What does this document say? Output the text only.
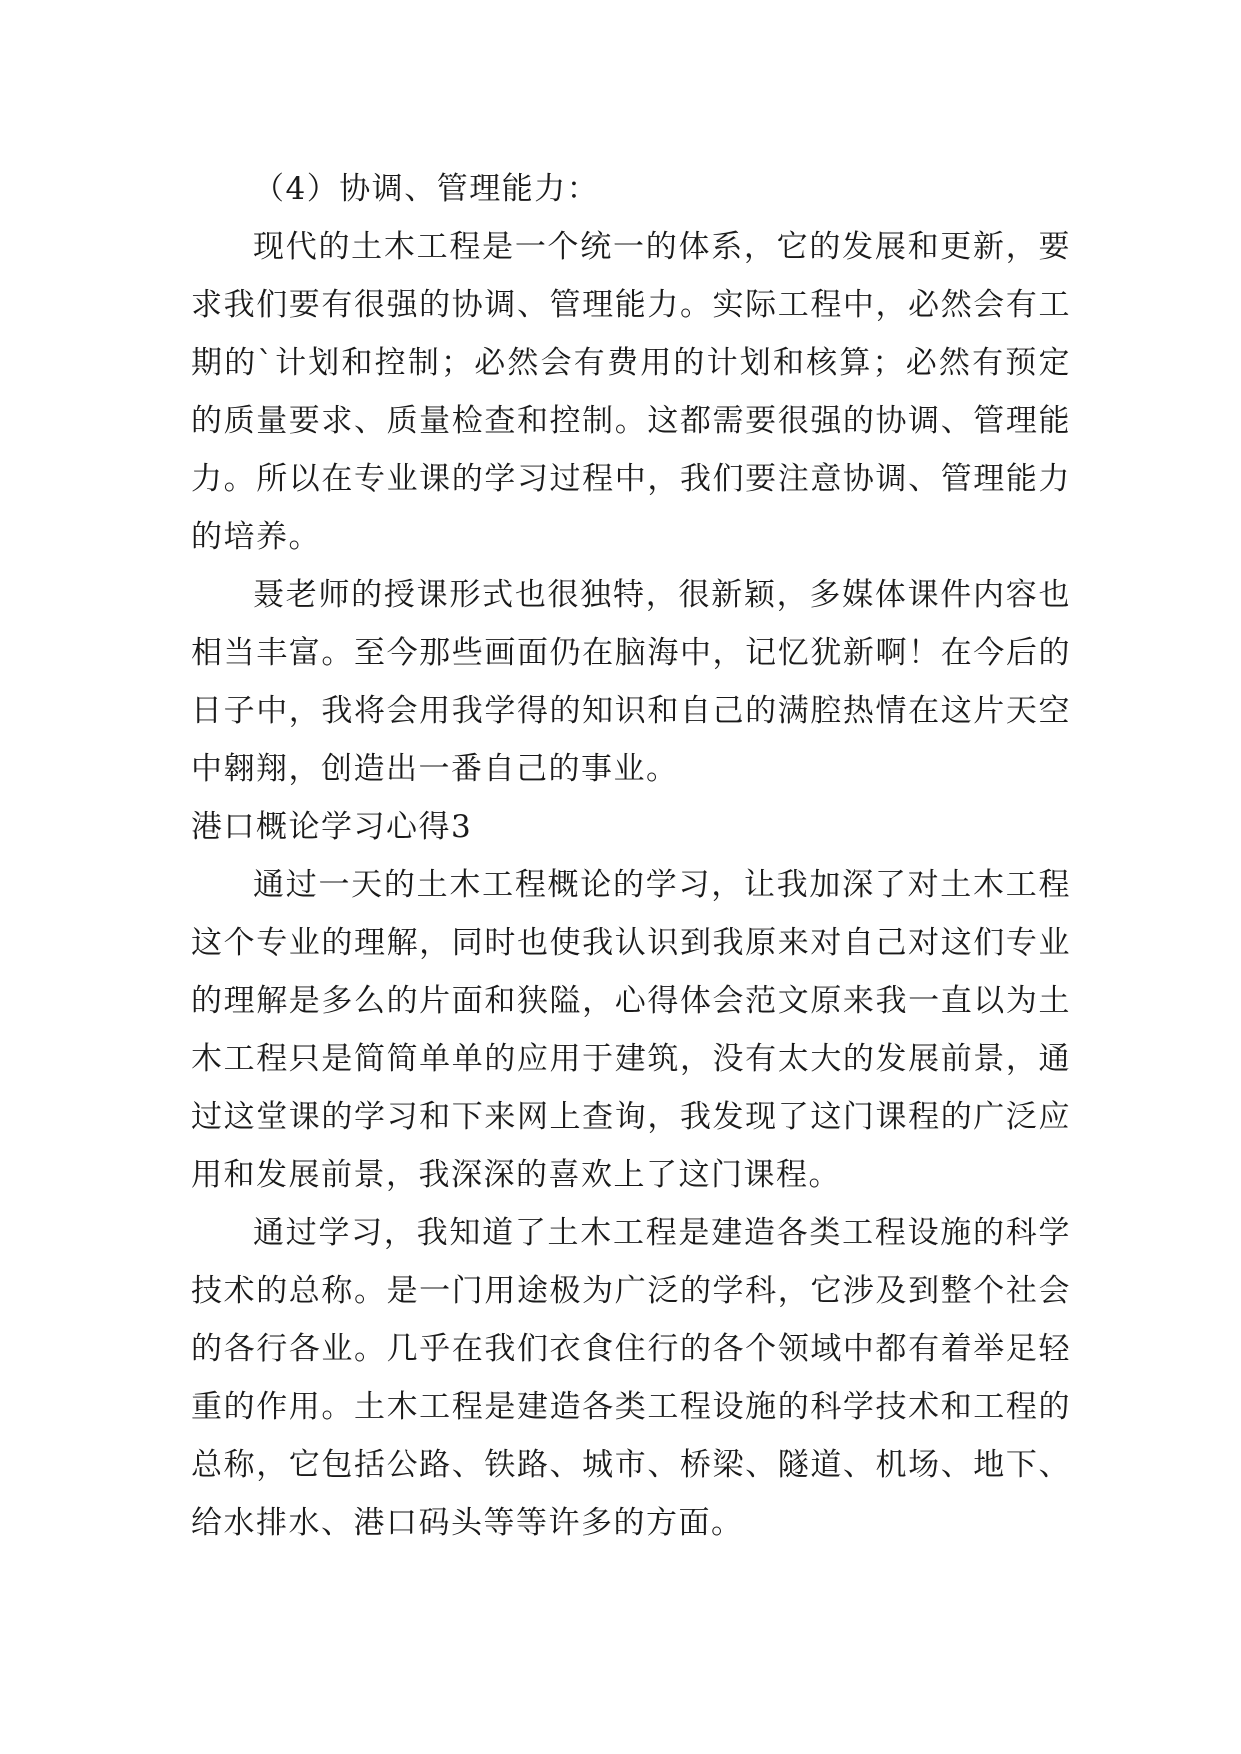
（4）协调、管理能力：

现代的土木工程是一个统一的体系，它的发展和更新，要求我们要有很强的协调、管理能力。实际工程中，必然会有工期的`计划和控制；必然会有费用的计划和核算；必然有预定的质量要求、质量检查和控制。这都需要很强的协调、管理能力。所以在专业课的学习过程中，我们要注意协调、管理能力的培养。

聂老师的授课形式也很独特，很新颖，多媒体课件内容也相当丰富。至今那些画面仍在脑海中，记忆犹新啊！在今后的日子中，我将会用我学得的知识和自己的满腔热情在这片天空中翱翔，创造出一番自己的事业。

港口概论学习心得3

通过一天的土木工程概论的学习，让我加深了对土木工程这个专业的理解，同时也使我认识到我原来对自己对这们专业的理解是多么的片面和狭隘，心得体会范文原来我一直以为土木工程只是简简单单的应用于建筑，没有太大的发展前景，通过这堂课的学习和下来网上查询，我发现了这门课程的广泛应用和发展前景，我深深的喜欢上了这门课程。

通过学习，我知道了土木工程是建造各类工程设施的科学技术的总称。是一门用途极为广泛的学科，它涉及到整个社会的各行各业。几乎在我们衣食住行的各个领域中都有着举足轻重的作用。土木工程是建造各类工程设施的科学技术和工程的总称，它包括公路、铁路、城市、桥梁、隧道、机场、地下、给水排水、港口码头等等许多的方面。
